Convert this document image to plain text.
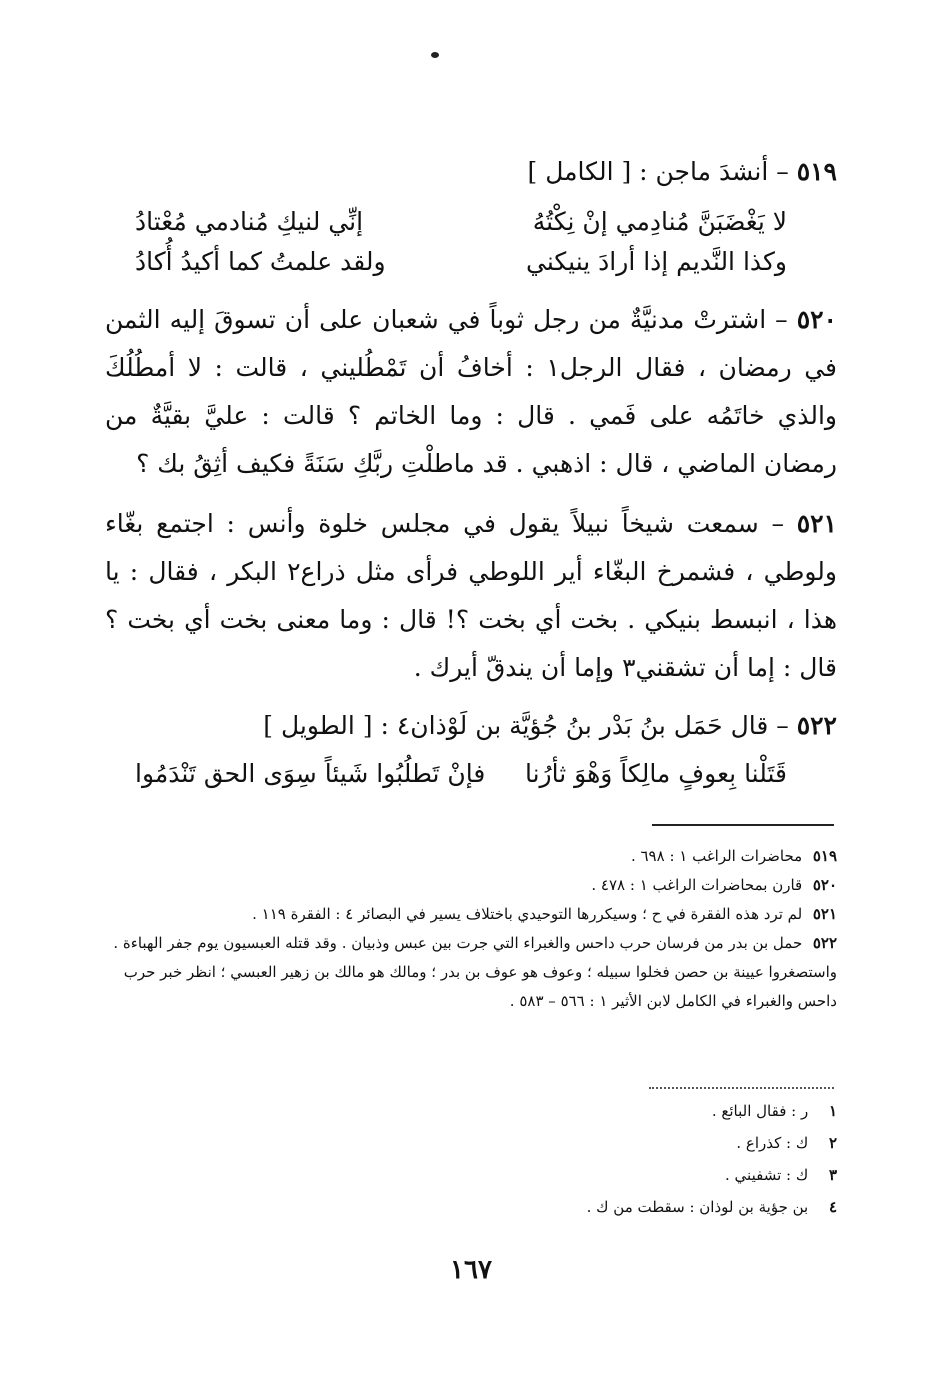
٥١٩ – أنشدَ ماجن : [ الكامل ]

لا يَغْضَبَنَّ مُنادِمي إنْ نِكْتُهُ
إنِّي لنيكِ مُنادمي مُعْتادُ
وكذا النَّديم إذا أرادَ ينيكني
ولقد علمتُ كما أكيدُ أُكادُ

٥٢٠ – اشترتْ مدنيَّةٌ من رجل ثوباً في شعبان على أن تسوقَ إليه الثمن في رمضان ، فقال الرجل١ : أخافُ أن تَمْطُليني ، قالت : لا أمطُلُكَ والذي خاتَمُه على فَمي . قال : وما الخاتم ؟ قالت : عليَّ بقيَّةٌ من رمضان الماضي ، قال : اذهبي . قد ماطلْتِ ربَّكِ سَنَةً فكيف أثِقُ بك ؟

٥٢١ – سمعت شيخاً نبيلاً يقول في مجلس خلوة وأنس : اجتمع بغّاء ولوطي ، فشمرخ البغّاء أير اللوطي فرأى مثل ذراع٢ البكر ، فقال : يا هذا ، انبسط بنيكي . بخت أي بخت ؟! قال : وما معنى بخت أي بخت ؟ قال : إما أن تشقني٣ وإما أن يندقّ أيرك .

٥٢٢ – قال حَمَل بنُ بَدْر بنُ جُؤيَّة بن لَوْذان٤ : [ الطويل ]

قَتَلْنا بِعوفٍ مالِكاً وَهْوَ ثأرُنا
فإنْ تَطلُبُوا شَيئاً سِوَى الحق تَنْدَمُوا

٥١٩ محاضرات الراغب ١ : ٦٩٨ .

٥٢٠ قارن بمحاضرات الراغب ١ : ٤٧٨ .

٥٢١ لم ترد هذه الفقرة في ح ؛ وسيكررها التوحيدي باختلاف يسير في البصائر ٤ : الفقرة ١١٩ .

٥٢٢ حمل بن بدر من فرسان حرب داحس والغبراء التي جرت بين عبس وذبيان . وقد قتله العبسيون يوم جفر الهباءة . واستصغروا عيينة بن حصن فخلوا سبيله ؛ وعوف هو عوف بن بدر ؛ ومالك هو مالك بن زهير العبسي ؛ انظر خبر حرب داحس والغبراء في الكامل لابن الأثير ١ : ٥٦٦ – ٥٨٣ .

١ ر : فقال البائع .

٢ ك : كذراع .

٣ ك : تشفيني .

٤ بن جؤية بن لوذان : سقطت من ك .

١٦٧
